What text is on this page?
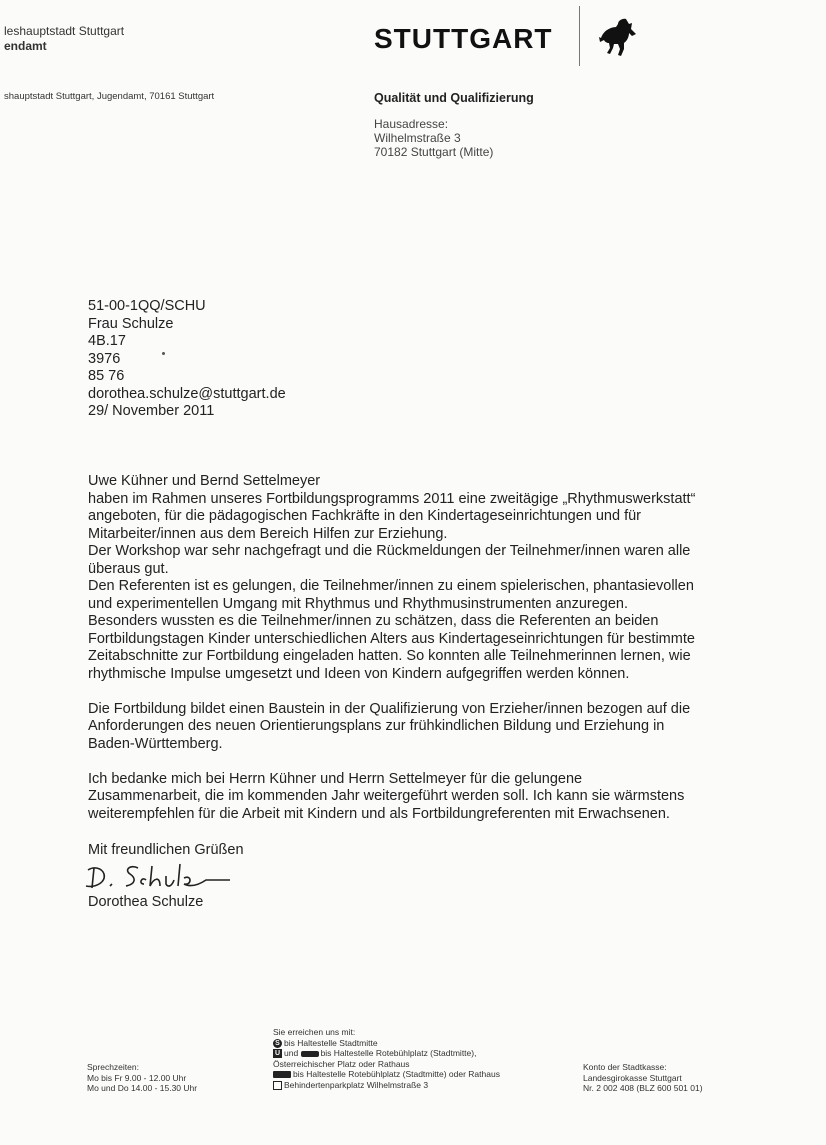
leshauptstadt Stuttgart
endamt
shauptstadt Stuttgart, Jugendamt, 70161 Stuttgart
STUTTGART
Qualität und Qualifizierung
Hausadresse:
Wilhelmstraße 3
70182 Stuttgart (Mitte)
51-00-1QQ/SCHU
Frau Schulze
4B.17
3976
85 76
dorothea.schulze@stuttgart.de
29/ November 2011

Uwe Kühner und Bernd Settelmeyer

haben im Rahmen unseres Fortbildungsprogramms 2011 eine zweitägige „Rhythmuswerkstatt“

angeboten, für die pädagogischen Fachkräfte in den Kindertageseinrichtungen und für

Mitarbeiter/innen aus dem Bereich Hilfen zur Erziehung.

Der Workshop war sehr nachgefragt und die Rückmeldungen der Teilnehmer/innen waren alle

überaus gut.

Den Referenten ist es gelungen, die Teilnehmer/innen zu einem spielerischen, phantasievollen

und experimentellen Umgang mit Rhythmus und Rhythmusinstrumenten anzuregen.

Besonders wussten es die Teilnehmer/innen zu schätzen, dass die Referenten an beiden

Fortbildungstagen Kinder unterschiedlichen Alters aus Kindertageseinrichtungen für bestimmte

Zeitabschnitte zur Fortbildung eingeladen hatten. So konnten alle Teilnehmerinnen lernen, wie

rhythmische Impulse umgesetzt und Ideen von Kindern aufgegriffen werden können.

Die Fortbildung bildet einen Baustein in der Qualifizierung von Erzieher/innen bezogen auf die

Anforderungen des neuen Orientierungsplans zur frühkindlichen Bildung und Erziehung in

Baden-Württemberg.

Ich bedanke mich bei Herrn Kühner und Herrn Settelmeyer für die gelungene

Zusammenarbeit, die im kommenden Jahr weitergeführt werden soll. Ich kann sie wärmstens

weiterempfehlen für die Arbeit mit Kindern und als Fortbildungreferenten mit Erwachsenen.

Mit freundlichen Grüßen
Dorothea Schulze
Sprechzeiten:
Mo bis Fr 9.00 - 12.00 Uhr
Mo und Do 14.00 - 15.30 Uhr
Sie erreichen uns mit:
S bis Haltestelle Stadtmitte
U und	bis Haltestelle Rotebühlplatz (Stadtmitte),
Österreichischer Platz oder Rathaus
bis Haltestelle Rotebühlplatz (Stadtmitte) oder Rathaus
Behindertenparkplatz Wilhelmstraße 3
Konto der Stadtkasse:
Landesgirokasse Stuttgart
Nr. 2 002 408 (BLZ 600 501 01)
